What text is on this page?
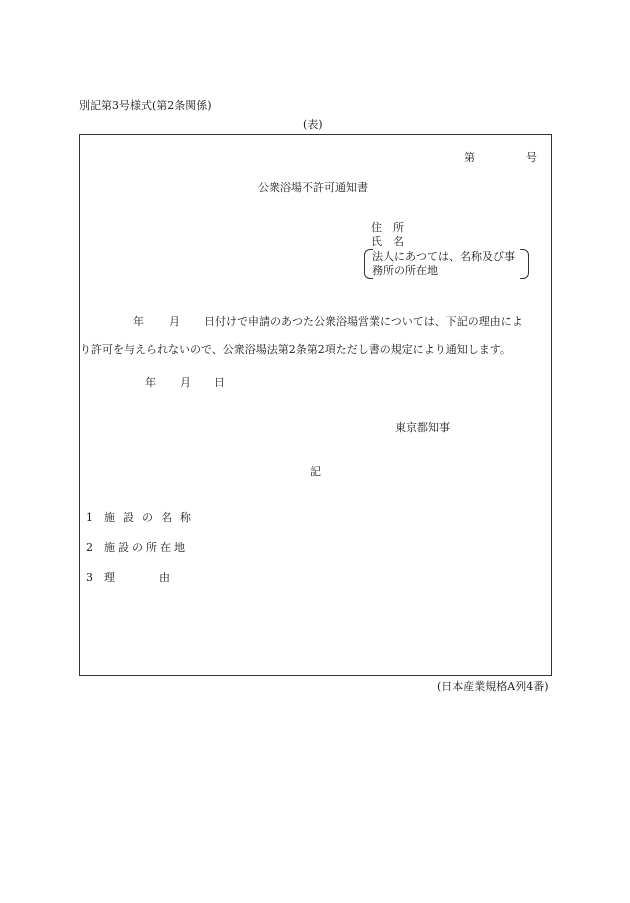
別記第3号様式(第2条関係)
(表)
第	号
公衆浴場不許可通知書
住　所
氏　名
法人にあつては、名称及び事
務所の所在地
年 月 日付けで申請のあつた公衆浴場営業については、下記の理由によ
り許可を与えられないので、公衆浴場法第2条第2項ただし書の規定により通知します。
年 月 日
東京都知事
記
1 施設の名称
2 施設の所在地
3 理　　　　由
(日本産業規格A列4番)
